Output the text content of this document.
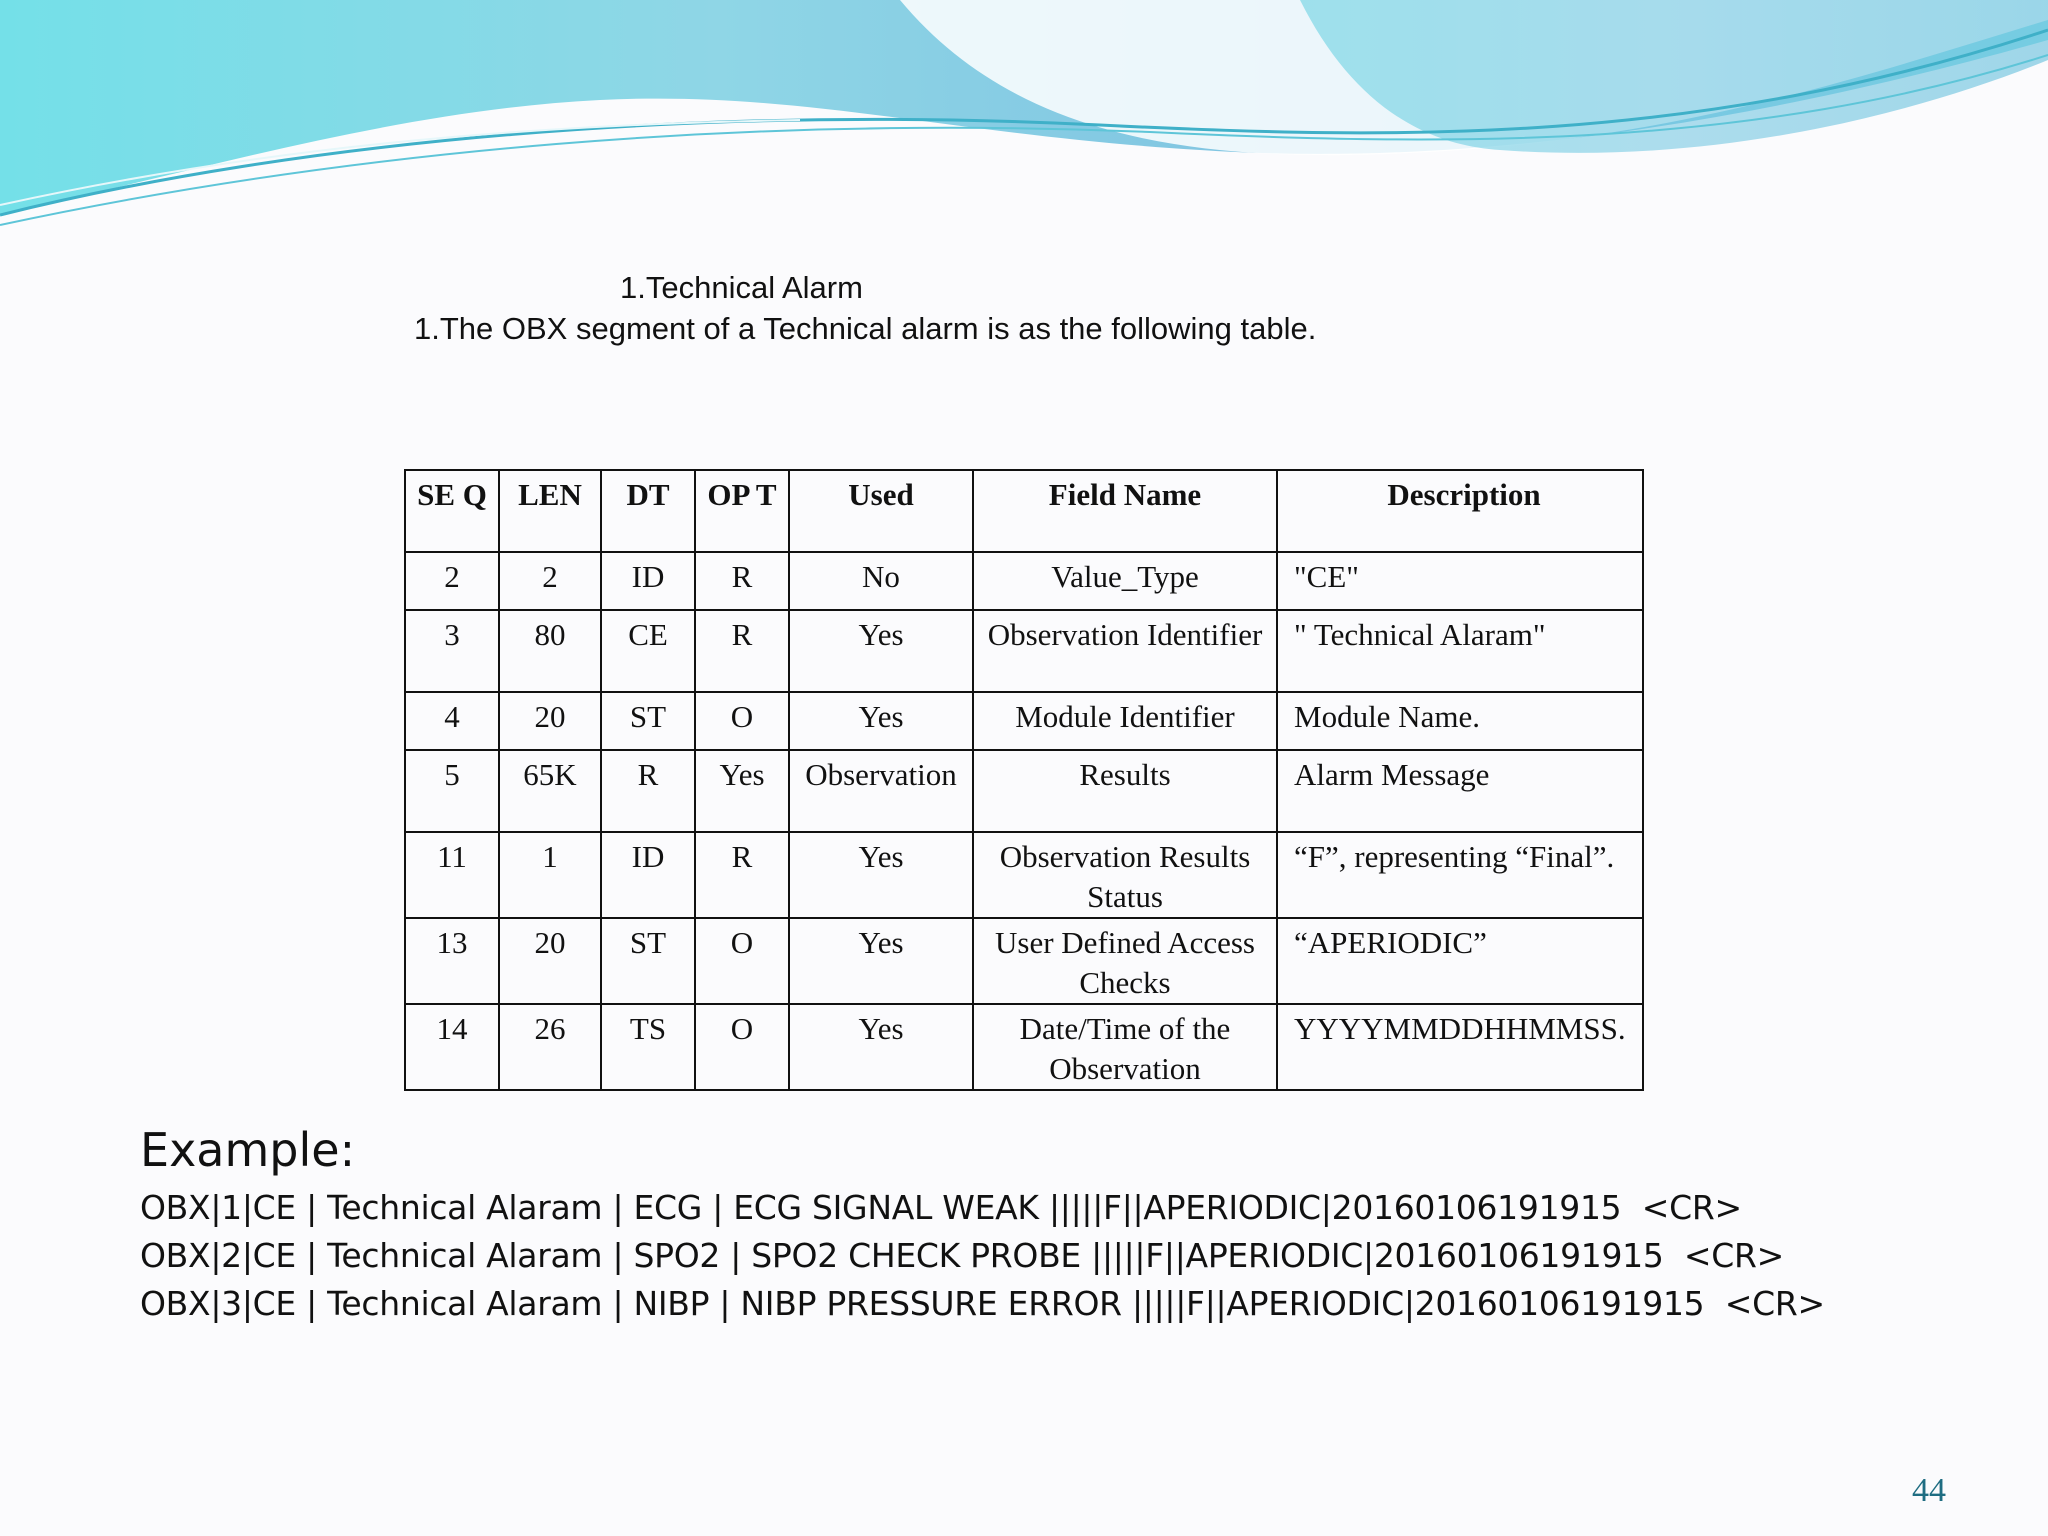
1.Technical Alarm
1.The OBX segment of a Technical alarm is as the following table.
SE Q	LEN	DT	OP T	Used	Field Name	Description
2	2	ID	R	No	Value_Type	"CE"
3	80	CE	R	Yes	Observation Identifier	" Technical Alaram"
4	20	ST	O	Yes	Module Identifier	Module Name.
5	65K	R	Yes	Observation	Results	Alarm Message
11	1	ID	R	Yes	Observation Results Status	“F”, representing “Final”.
13	20	ST	O	Yes	User Defined Access Checks	“APERIODIC”
14	26	TS	O	Yes	Date/Time of the Observation	YYYYMMDDHHMMSS.
Example:
OBX|1|CE | Technical Alaram | ECG | ECG SIGNAL WEAK |||||F||APERIODIC|20160106191915  <CR>
OBX|2|CE | Technical Alaram | SPO2 | SPO2 CHECK PROBE |||||F||APERIODIC|20160106191915  <CR>
OBX|3|CE | Technical Alaram | NIBP | NIBP PRESSURE ERROR |||||F||APERIODIC|20160106191915  <CR>
44
